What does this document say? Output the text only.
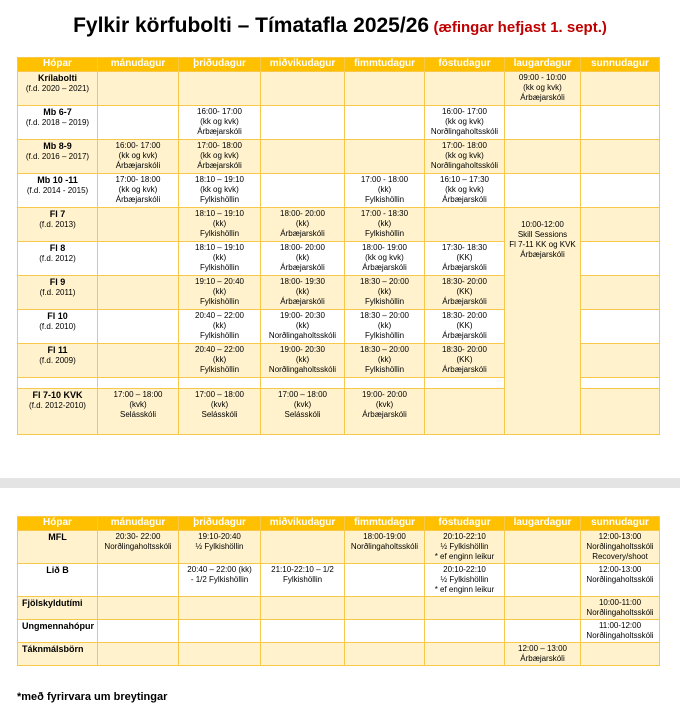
Fylkir körfubolti – Tímatafla 2025/26 (æfingar hefjast 1. sept.)
Hópar	mánudagur	þriðudagur	miðvikudagur	fimmtudagur	föstudagur	laugardagur	sunnudagur

Krílabolti
(f.d. 2020 – 2021)						09:00 - 10:00
(kk og kvk)
Árbæjarskóli	

Mb 6-7
(f.d. 2018 – 2019)		16:00- 17:00
(kk og kvk)
Árbæjarskóli			16:00- 17:00
(kk og kvk)
Norðlingaholtsskóli		

Mb 8-9
(f.d. 2016 – 2017)	16:00- 17:00
(kk og kvk)
Árbæjarskóli	17:00- 18:00
(kk og kvk)
Árbæjarskóli			17:00- 18:00
(kk og kvk)
Norðlingaholtsskóli		

Mb 10 -11
(f.d. 2014 - 2015)	17:00- 18:00
(kk og kvk)
Árbæjarskóli	18:10 – 19:10
(kk og kvk)
Fylkishöllin		17:00 - 18:00
(kk)
Fylkishöllin	16:10 – 17:30
(kk og kvk)
Árbæjarskóli		

Fl 7
(f.d. 2013)		18:10 – 19:10
(kk)
Fylkishöllin	18:00- 20:00
(kk)
Árbæjarskóli	17:00 - 18:30
(kk)
Fylkishöllin		10:00-12:00
Skill Sessions
Fl 7-11 KK og KVK
Árbæjarskóli	

Fl 8
(f.d. 2012)		18:10 – 19:10
(kk)
Fylkishöllin	18:00- 20:00
(kk)
Árbæjarskóli	18:00- 19:00
(kk og kvk)
Árbæjarskóli	17:30- 18:30
(KK)
Árbæjarskóli		

Fl 9
(f.d. 2011)		19:10 – 20:40
(kk)
Fylkishöllin	18:00- 19:30
(kk)
Árbæjarskóli	18:30 – 20:00
(kk)
Fylkishöllin	18:30- 20:00
(KK)
Árbæjarskóli		

Fl 10
(f.d. 2010)		20:40 – 22:00
(kk)
Fylkishöllin	19:00- 20:30
(kk)
Norðlingaholtsskóli	18:30 – 20:00
(kk)
Fylkishöllin	18:30- 20:00
(KK)
Árbæjarskóli		

Fl 11
(f.d. 2009)		20:40 – 22:00
(kk)
Fylkishöllin	19:00- 20:30
(kk)
Norðlingaholtsskóli	18:30 – 20:00
(kk)
Fylkishöllin	18:30- 20:00
(KK)
Árbæjarskóli		

Fl 7-10 KVK
(f.d. 2012-2010)	17:00 – 18:00
(kvk)
Selásskóli	17:00 – 18:00
(kvk)
Selásskóli	17:00 – 18:00
(kvk)
Selásskóli	19:00- 20:00
(kvk)
Árbæjarskóli			

Hópar	mánudagur	þriðudagur	miðvikudagur	fimmtudagur	föstudagur	laugardagur	sunnudagur

MFL	20:30- 22:00
Norðlingaholtsskóli	19:10-20:40
½ Fylkishöllin		18:00-19:00
Norðlingaholtsskóli	20:10-22:10
½ Fylkishöllin
* ef enginn leikur		12:00-13:00
Norðlingaholtsskóli
Recovery/shoot

Lið B		20:40 – 22:00 (kk)
- 1/2 Fylkishöllin	21:10-22:10 – 1/2
Fylkishöllin		20:10-22:10
½ Fylkishöllin
* ef enginn leikur		12:00-13:00
Norðlingaholtsskóli

Fjölskyldutími							10:00-11:00
Norðlingaholtsskóli

Ungmennahópur							11:00-12:00
Norðlingaholtsskóli

Táknmálsbörn						12:00 – 13:00
Árbæjarskóli	

*með fyrirvara um breytingar
